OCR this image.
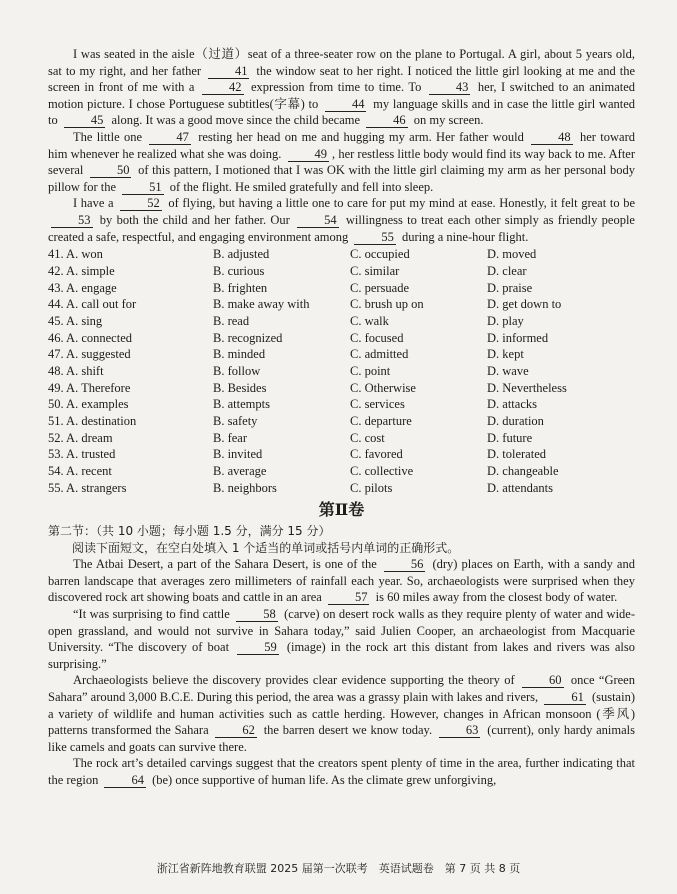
I was seated in the aisle（过道）seat of a three-seater row on the plane to Portugal. A girl, about 5 years old, sat to my right, and her father 41 the window seat to her right. I noticed the little girl looking at me and the screen in front of me with a 42 expression from time to time. To 43 her, I switched to an animated motion picture. I chose Portuguese subtitles(字幕) to 44 my language skills and in case the little girl wanted to 45 along. It was a good move since the child became 46 on my screen.

The little one 47 resting her head on me and hugging my arm. Her father would 48 her toward him whenever he realized what she was doing. 49 , her restless little body would find its way back to me. After several 50 of this pattern, I motioned that I was OK with the little girl claiming my arm as her personal body pillow for the 51 of the flight. He smiled gratefully and fell into sleep.

I have a 52 of flying, but having a little one to care for put my mind at ease. Honestly, it felt great to be 53 by both the child and her father. Our 54 willingness to treat each other simply as friendly people created a safe, respectful, and engaging environment among 55 during a nine-hour flight.

41. A. won	B. adjusted	C. occupied	D. moved
42. A. simple	B. curious	C. similar	D. clear
43. A. engage	B. frighten	C. persuade	D. praise
44. A. call out for	B. make away with	C. brush up on	D. get down to
45. A. sing	B. read	C. walk	D. play
46. A. connected	B. recognized	C. focused	D. informed
47. A. suggested	B. minded	C. admitted	D. kept
48. A. shift	B. follow	C. point	D. wave
49. A. Therefore	B. Besides	C. Otherwise	D. Nevertheless
50. A. examples	B. attempts	C. services	D. attacks
51. A. destination	B. safety	C. departure	D. duration
52. A. dream	B. fear	C. cost	D. future
53. A. trusted	B. invited	C. favored	D. tolerated
54. A. recent	B. average	C. collective	D. changeable
55. A. strangers	B. neighbors	C. pilots	D. attendants
第Ⅱ卷

第二节：（共 10 小题；每小题 1.5 分，满分 15 分）

阅读下面短文，在空白处填入 1 个适当的单词或括号内单词的正确形式。

The Atbai Desert, a part of the Sahara Desert, is one of the 56 (dry) places on Earth, with a sandy and barren landscape that averages zero millimeters of rainfall each year. So, archaeologists were surprised when they discovered rock art showing boats and cattle in an area 57 is 60 miles away from the closest body of water.

“It was surprising to find cattle 58 (carve) on desert rock walls as they require plenty of water and wide-open grassland, and would not survive in Sahara today,” said Julien Cooper, an archaeologist from Macquarie University. “The discovery of boat 59 (image) in the rock art this distant from lakes and rivers was also surprising.”

Archaeologists believe the discovery provides clear evidence supporting the theory of 60 once “Green Sahara” around 3,000 B.C.E. During this period, the area was a grassy plain with lakes and rivers, 61 (sustain) a variety of wildlife and human activities such as cattle herding. However, changes in African monsoon (季风) patterns transformed the Sahara 62 the barren desert we know today. 63 (current), only hardy animals like camels and goats can survive there.

The rock art’s detailed carvings suggest that the creators spent plenty of time in the area, further indicating that the region 64 (be) once supportive of human life. As the climate grew unforgiving,

浙江省新阵地教育联盟 2025 届第一次联考　英语试题卷　第 7 页 共 8 页
